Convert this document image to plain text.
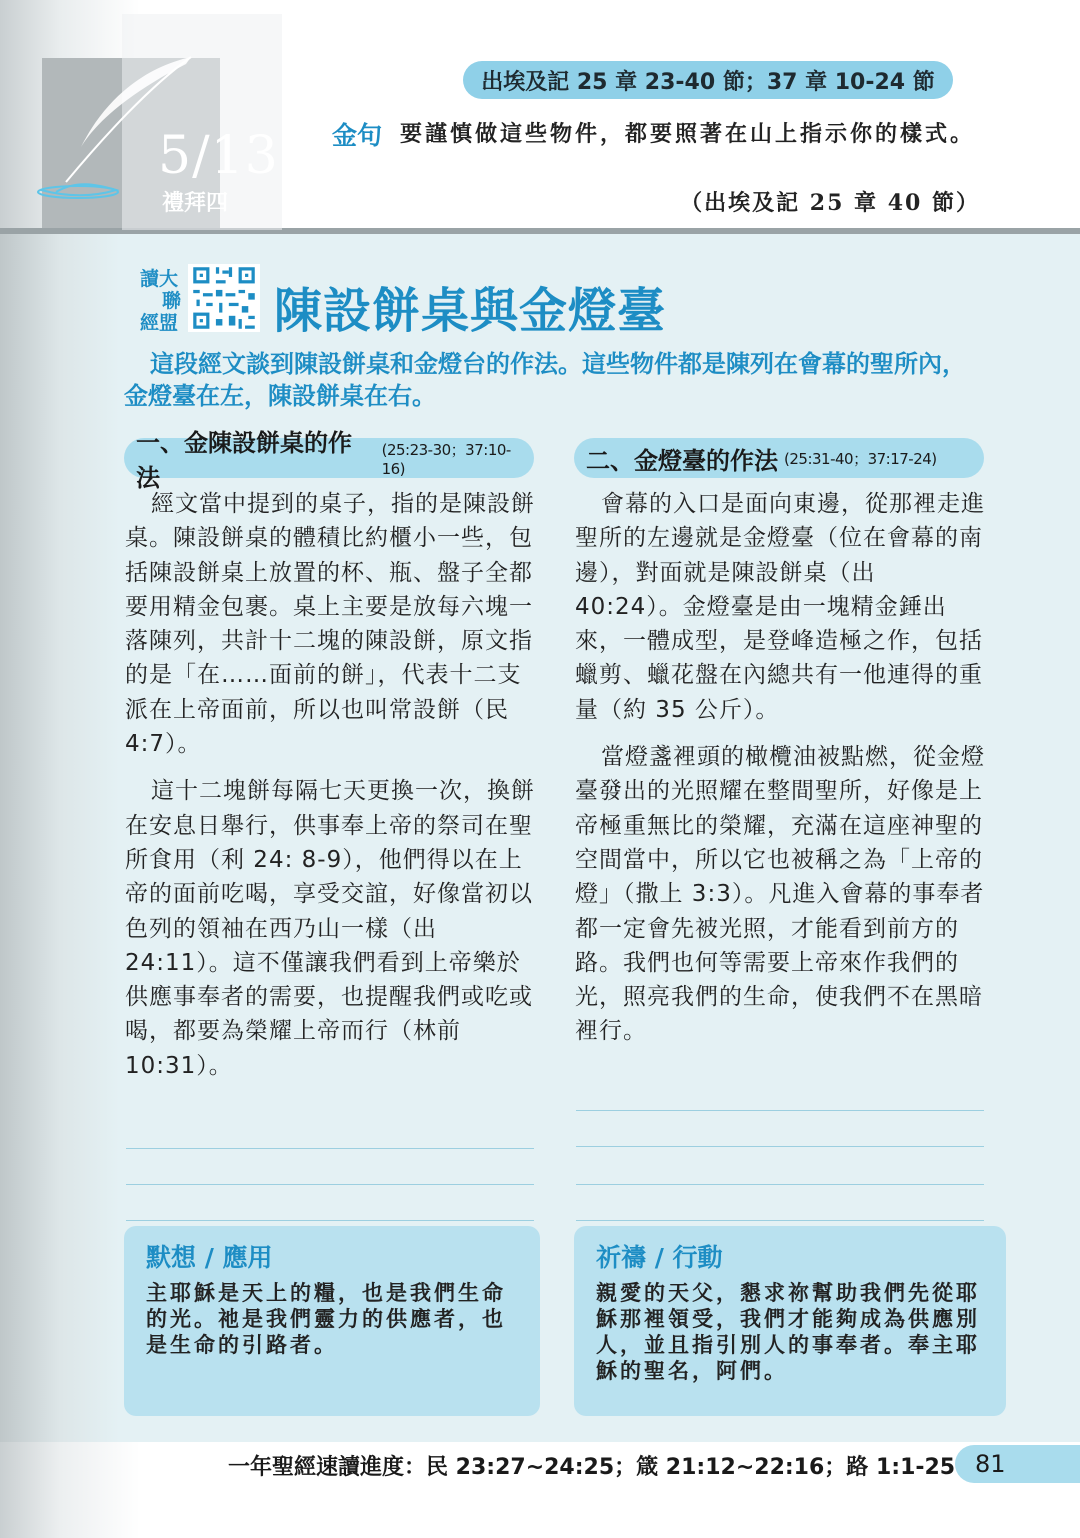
5/13
禮拜四
出埃及記 25 章 23-40 節；37 章 10-24 節
金句 要謹慎做這些物件，都要照著在山上指示你的樣式。
（出埃及記 25 章 40 節）
讀大
聯
經盟 陳設餅桌與金燈臺
這段經文談到陳設餅桌和金燈台的作法。這些物件都是陳列在會幕的聖所內，金燈臺在左，陳設餅桌在右。
一、金陳設餅桌的作法
(25:23-30；37:10-16)

經文當中提到的桌子，指的是陳設餅桌。陳設餅桌的體積比約櫃小一些，包括陳設餅桌上放置的杯、瓶、盤子全都要用精金包裹。桌上主要是放每六塊一落陳列，共計十二塊的陳設餅，原文指的是「在……面前的餅」，代表十二支派在上帝面前，所以也叫常設餅（民 4:7）。

這十二塊餅每隔七天更換一次，換餅在安息日舉行，供事奉上帝的祭司在聖所食用（利 24: 8-9），他們得以在上帝的面前吃喝，享受交誼，好像當初以色列的領袖在西乃山一樣（出 24:11）。這不僅讓我們看到上帝樂於供應事奉者的需要，也提醒我們或吃或喝，都要為榮耀上帝而行（林前 10:31）。

二、金燈臺的作法 (25:31-40；37:17-24)

會幕的入口是面向東邊，從那裡走進聖所的左邊就是金燈臺（位在會幕的南邊），對面就是陳設餅桌（出 40:24）。金燈臺是由一塊精金錘出來，一體成型，是登峰造極之作，包括蠟剪、蠟花盤在內總共有一他連得的重量（約 35 公斤）。

當燈盞裡頭的橄欖油被點燃，從金燈臺發出的光照耀在整間聖所，好像是上帝極重無比的榮耀，充滿在這座神聖的空間當中，所以它也被稱之為「上帝的燈」（撒上 3:3）。凡進入會幕的事奉者都一定會先被光照，才能看到前方的路。我們也何等需要上帝來作我們的光，照亮我們的生命，使我們不在黑暗裡行。

默想 / 應用
主耶穌是天上的糧，也是我們生命的光。祂是我們靈力的供應者，也是生命的引路者。
祈禱 / 行動
親愛的天父，懇求祢幫助我們先從耶穌那裡領受，我們才能夠成為供應別人，並且指引別人的事奉者。奉主耶穌的聖名，阿們。
一年聖經速讀進度：民 23:27~24:25；箴 21:12~22:16；路 1:1-25 81
